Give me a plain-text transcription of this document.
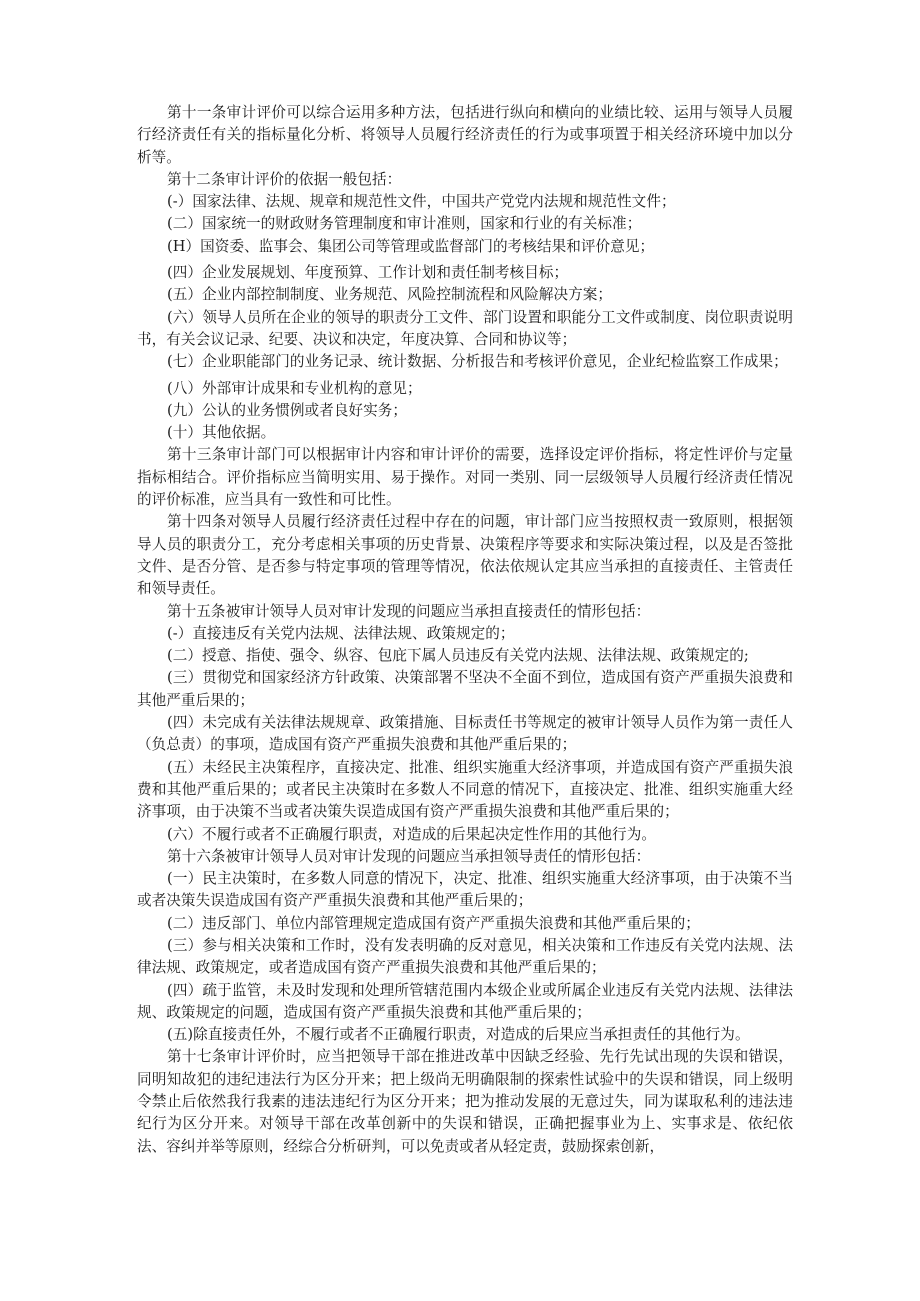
第十一条审计评价可以综合运用多种方法，包括进行纵向和横向的业绩比较、运用与领导人员履行经济责任有关的指标量化分析、将领导人员履行经济责任的行为或事项置于相关经济环境中加以分析等。

第十二条审计评价的依据一般包括：

(-）国家法律、法规、规章和规范性文件，中国共产党党内法规和规范性文件；

(二）国家统一的财政财务管理制度和审计准则，国家和行业的有关标准；

(H）国资委、监事会、集团公司等管理或监督部门的考核结果和评价意见；

(四）企业发展规划、年度预算、工作计划和责任制考核目标；

(五）企业内部控制制度、业务规范、风险控制流程和风险解决方案；

(六）领导人员所在企业的领导的职责分工文件、部门设置和职能分工文件或制度、岗位职责说明书，有关会议记录、纪要、决议和决定，年度决算、合同和协议等；

(七）企业职能部门的业务记录、统计数据、分析报告和考核评价意见，企业纪检监察工作成果；

(八）外部审计成果和专业机构的意见；

(九）公认的业务惯例或者良好实务；

(十）其他依据。

第十三条审计部门可以根据审计内容和审计评价的需要，选择设定评价指标，将定性评价与定量指标相结合。评价指标应当简明实用、易于操作。对同一类别、同一层级领导人员履行经济责任情况的评价标准，应当具有一致性和可比性。

第十四条对领导人员履行经济责任过程中存在的问题，审计部门应当按照权责一致原则，根据领导人员的职责分工，充分考虑相关事项的历史背景、决策程序等要求和实际决策过程，以及是否签批文件、是否分管、是否参与特定事项的管理等情况，依法依规认定其应当承担的直接责任、主管责任和领导责任。

第十五条被审计领导人员对审计发现的问题应当承担直接责任的情形包括：

(-）直接违反有关党内法规、法律法规、政策规定的；

(二）授意、指使、强令、纵容、包庇下属人员违反有关党内法规、法律法规、政策规定的;

(三）贯彻党和国家经济方针政策、决策部署不坚决不全面不到位，造成国有资产严重损失浪费和其他严重后果的；

(四）未完成有关法律法规规章、政策措施、目标责任书等规定的被审计领导人员作为第一责任人（负总责）的事项，造成国有资产严重损失浪费和其他严重后果的；

(五）未经民主决策程序，直接决定、批准、组织实施重大经济事项，并造成国有资产严重损失浪费和其他严重后果的；或者民主决策时在多数人不同意的情况下，直接决定、批准、组织实施重大经济事项，由于决策不当或者决策失误造成国有资产严重损失浪费和其他严重后果的；

(六）不履行或者不正确履行职责，对造成的后果起决定性作用的其他行为。

第十六条被审计领导人员对审计发现的问题应当承担领导责任的情形包括：

(一）民主决策时，在多数人同意的情况下，决定、批准、组织实施重大经济事项，由于决策不当或者决策失误造成国有资产严重损失浪费和其他严重后果的；

(二）违反部门、单位内部管理规定造成国有资产严重损失浪费和其他严重后果的；

(三）参与相关决策和工作时，没有发表明确的反对意见，相关决策和工作违反有关党内法规、法律法规、政策规定，或者造成国有资产严重损失浪费和其他严重后果的；

(四）疏于监管，未及时发现和处理所管辖范围内本级企业或所属企业违反有关党内法规、法律法规、政策规定的问题，造成国有资产严重损失浪费和其他严重后果的；

(五)除直接责任外，不履行或者不正确履行职责，对造成的后果应当承担责任的其他行为。

第十七条审计评价时，应当把领导干部在推进改革中因缺乏经验、先行先试出现的失误和错误，同明知故犯的违纪违法行为区分开来；把上级尚无明确限制的探索性试验中的失误和错误，同上级明令禁止后依然我行我素的违法违纪行为区分开来；把为推动发展的无意过失，同为谋取私利的违法违纪行为区分开来。对领导干部在改革创新中的失误和错误，正确把握事业为上、实事求是、依纪依法、容纠并举等原则，经综合分析研判，可以免责或者从轻定责，鼓励探索创新，
